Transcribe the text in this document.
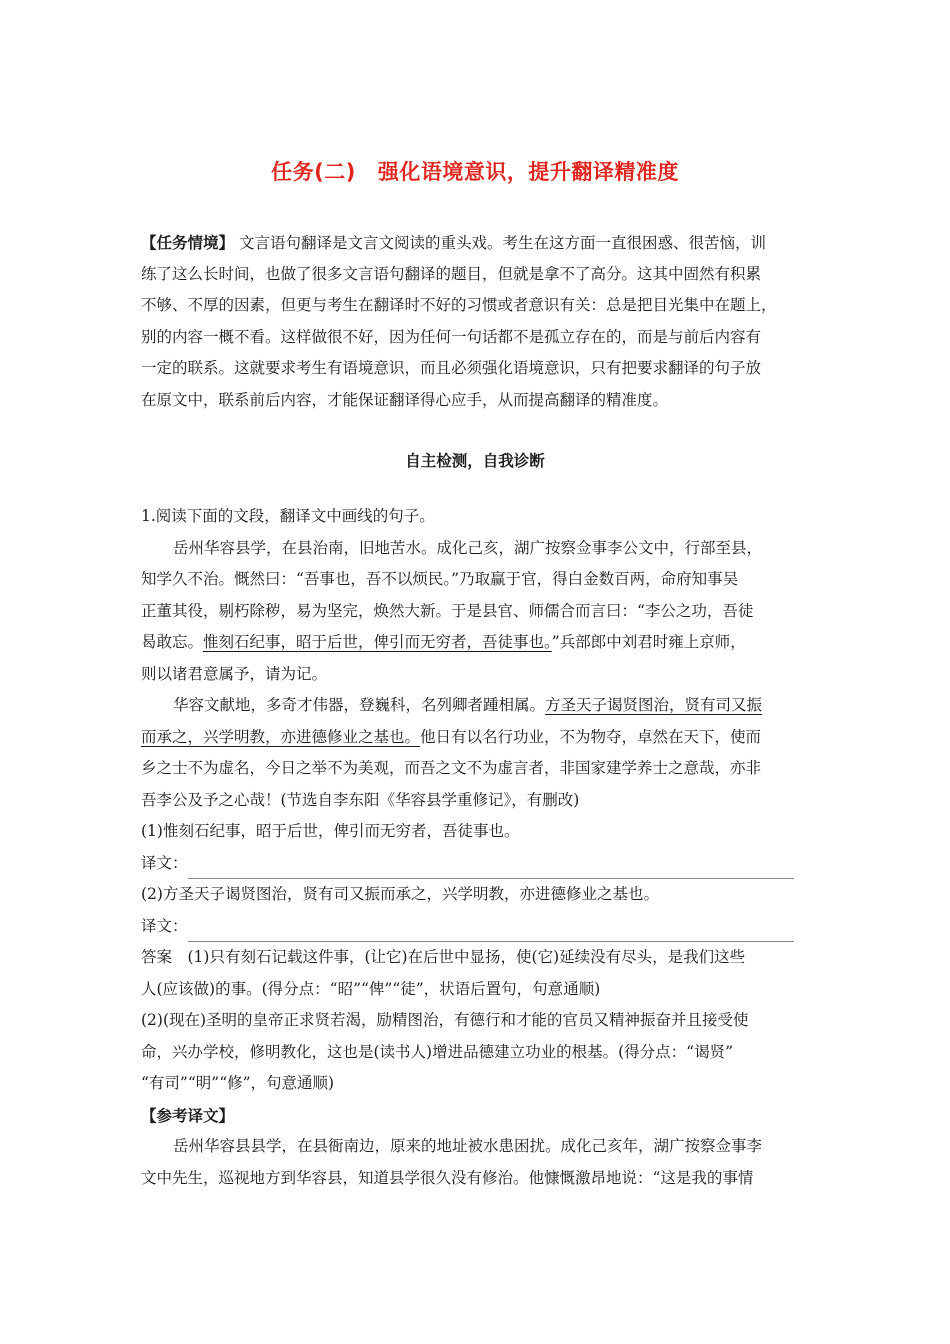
任务(二) 强化语境意识，提升翻译精准度
【任务情境】 文言语句翻译是文言文阅读的重头戏。考生在这方面一直很困惑、很苦恼，训
练了这么长时间，也做了很多文言语句翻译的题目，但就是拿不了高分。这其中固然有积累
不够、不厚的因素，但更与考生在翻译时不好的习惯或者意识有关：总是把目光集中在题上，
别的内容一概不看。这样做很不好，因为任何一句话都不是孤立存在的，而是与前后内容有
一定的联系。这就要求考生有语境意识，而且必须强化语境意识，只有把要求翻译的句子放
在原文中，联系前后内容，才能保证翻译得心应手，从而提高翻译的精准度。
自主检测，自我诊断
1.阅读下面的文段，翻译文中画线的句子。
岳州华容县学，在县治南，旧地苦水。成化己亥，湖广按察佥事李公文中，行部至县，
知学久不治。慨然曰：“吾事也，吾不以烦民。”乃取赢于官，得白金数百两，命府知事吴
正董其役，剔朽除秽，易为坚完，焕然大新。于是县官、师儒合而言曰：“李公之功，吾徒
曷敢忘。惟刻石纪事，昭于后世，俾引而无穷者，吾徒事也。”兵部郎中刘君时雍上京师，
则以诸君意属予，请为记。
华容文献地，多奇才伟器，登巍科，名列卿者踵相属。方圣天子谒贤图治，贤有司又振
而承之，兴学明教，亦进德修业之基也。他日有以名行功业，不为物夺，卓然在天下，使而
乡之士不为虚名，今日之举不为美观，而吾之文不为虚言者，非国家建学养士之意哉，亦非
吾李公及予之心哉！(节选自李东阳《华容县学重修记》，有删改)
(1)惟刻石纪事，昭于后世，俾引而无穷者，吾徒事也。
译文：
(2)方圣天子谒贤图治，贤有司又振而承之，兴学明教，亦进德修业之基也。
译文：
答案　(1)只有刻石记载这件事，(让它)在后世中显扬，使(它)延续没有尽头，是我们这些
人(应该做)的事。(得分点：“昭”“俾”“徒”，状语后置句，句意通顺)
(2)(现在)圣明的皇帝正求贤若渴，励精图治，有德行和才能的官员又精神振奋并且接受使
命，兴办学校，修明教化，这也是(读书人)增进品德建立功业的根基。(得分点：“谒贤”
“有司”“明”“修”，句意通顺)
【参考译文】
岳州华容县县学，在县衙南边，原来的地址被水患困扰。成化己亥年，湖广按察佥事李
文中先生，巡视地方到华容县，知道县学很久没有修治。他慷慨激昂地说：“这是我的事情
